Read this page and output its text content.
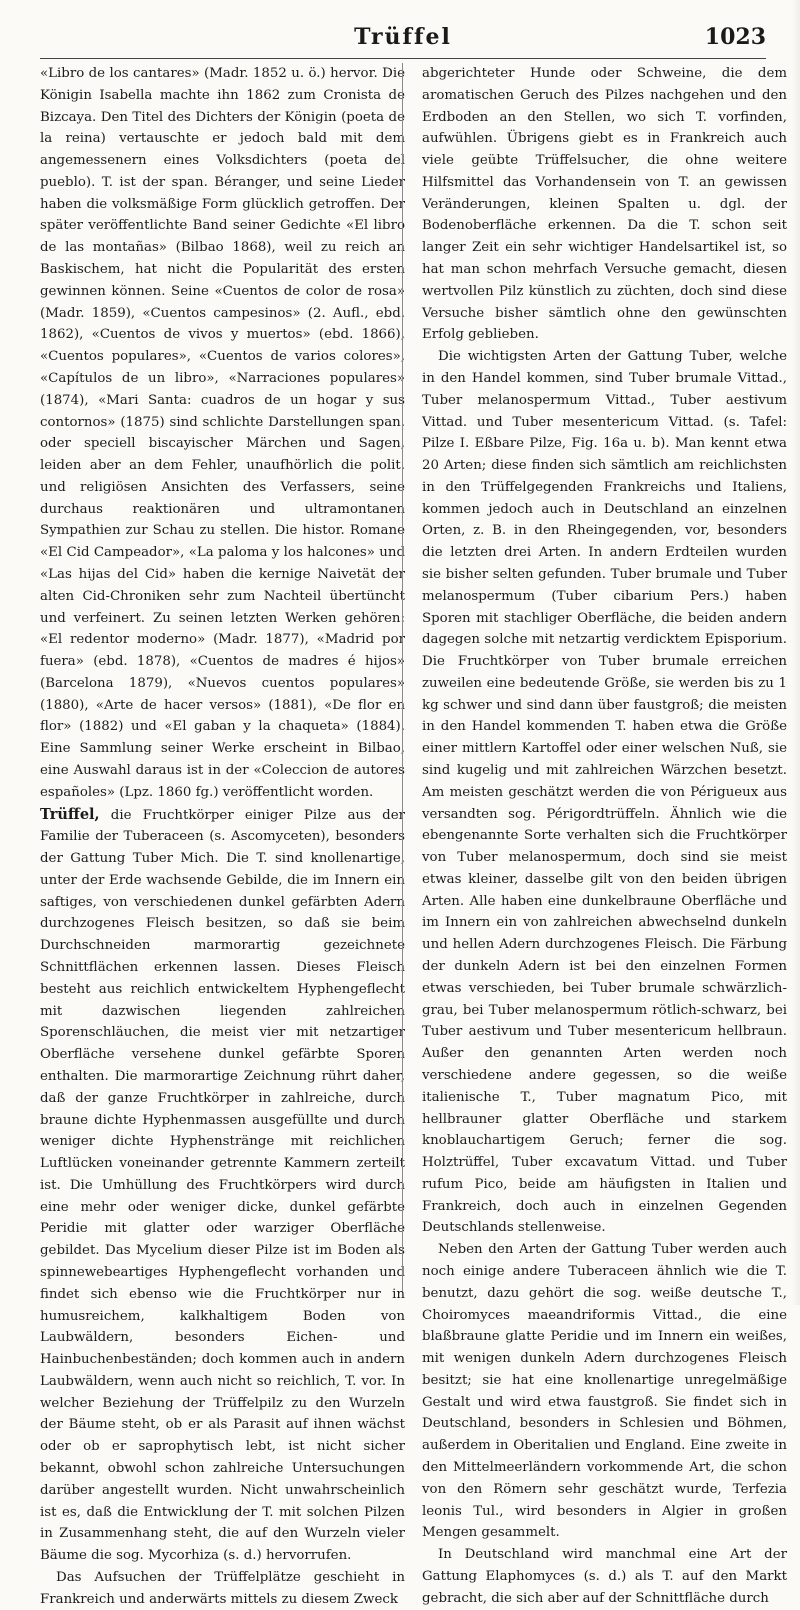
Trüffel	1023

«Libro de los cantares» (Madr. 1852 u. ö.) hervor. Die Königin Isabella machte ihn 1862 zum Cronista de Bizcaya. Den Titel des Dichters der Königin (poeta de la reina) vertauschte er jedoch bald mit dem angemessenern eines Volksdichters (poeta del pueblo). T. ist der span. Béranger, und seine Lieder haben die volksmäßige Form glücklich getroffen. Der später veröffentlichte Band seiner Gedichte «El libro de las montañas» (Bilbao 1868), weil zu reich an Baskischem, hat nicht die Popularität des ersten gewinnen können. Seine «Cuentos de color de rosa» (Madr. 1859), «Cuentos campesinos» (2. Aufl., ebd. 1862), «Cuentos de vivos y muertos» (ebd. 1866), «Cuentos populares», «Cuentos de varios colores», «Capítulos de un libro», «Narraciones populares» (1874), «Mari Santa: cuadros de un hogar y sus contornos» (1875) sind schlichte Darstellungen span. oder speciell biscayischer Märchen und Sagen, leiden aber an dem Fehler, unaufhörlich die polit. und religiösen Ansichten des Verfassers, seine durchaus reaktionären und ultramontanen Sympathien zur Schau zu stellen. Die histor. Romane «El Cid Campeador», «La paloma y los halcones» und «Las hijas del Cid» haben die kernige Naivetät der alten Cid-Chroniken sehr zum Nachteil übertüncht und verfeinert. Zu seinen letzten Werken gehören: «El redentor moderno» (Madr. 1877), «Madrid por fuera» (ebd. 1878), «Cuentos de madres é hijos» (Barcelona 1879), «Nuevos cuentos populares» (1880), «Arte de hacer versos» (1881), «De flor en flor» (1882) und «El gaban y la chaqueta» (1884). Eine Sammlung seiner Werke erscheint in Bilbao, eine Auswahl daraus ist in der «Coleccion de autores españoles» (Lpz. 1860 fg.) veröffentlicht worden.

Trüffel, die Fruchtkörper einiger Pilze aus der Familie der Tuberaceen (s. Ascomyceten), besonders der Gattung Tuber Mich. Die T. sind knollenartige, unter der Erde wachsende Gebilde, die im Innern ein saftiges, von verschiedenen dunkel gefärbten Adern durchzogenes Fleisch besitzen, so daß sie beim Durchschneiden marmorartig gezeichnete Schnittflächen erkennen lassen. Dieses Fleisch besteht aus reichlich entwickeltem Hyphengeflecht mit dazwischen liegenden zahlreichen Sporenschläuchen, die meist vier mit netzartiger Oberfläche versehene dunkel gefärbte Sporen enthalten. Die marmorartige Zeichnung rührt daher, daß der ganze Fruchtkörper in zahlreiche, durch braune dichte Hyphenmassen ausgefüllte und durch weniger dichte Hyphenstränge mit reichlichen Luftlücken voneinander getrennte Kammern zerteilt ist. Die Umhüllung des Fruchtkörpers wird durch eine mehr oder weniger dicke, dunkel gefärbte Peridie mit glatter oder warziger Oberfläche gebildet. Das Mycelium dieser Pilze ist im Boden als spinnewebeartiges Hyphengeflecht vorhanden und findet sich ebenso wie die Fruchtkörper nur in humusreichem, kalkhaltigem Boden von Laubwäldern, besonders Eichen- und Hainbuchenbeständen; doch kommen auch in andern Laubwäldern, wenn auch nicht so reichlich, T. vor. In welcher Beziehung der Trüffelpilz zu den Wurzeln der Bäume steht, ob er als Parasit auf ihnen wächst oder ob er saprophytisch lebt, ist nicht sicher bekannt, obwohl schon zahlreiche Untersuchungen darüber angestellt wurden. Nicht unwahrscheinlich ist es, daß die Entwicklung der T. mit solchen Pilzen in Zusammenhang steht, die auf den Wurzeln vieler Bäume die sog. Mycorhiza (s. d.) hervorrufen.

Das Aufsuchen der Trüffelplätze geschieht in Frankreich und anderwärts mittels zu diesem Zweck

abgerichteter Hunde oder Schweine, die dem aromatischen Geruch des Pilzes nachgehen und den Erdboden an den Stellen, wo sich T. vorfinden, aufwühlen. Übrigens giebt es in Frankreich auch viele geübte Trüffelsucher, die ohne weitere Hilfsmittel das Vorhandensein von T. an gewissen Veränderungen, kleinen Spalten u. dgl. der Bodenoberfläche erkennen. Da die T. schon seit langer Zeit ein sehr wichtiger Handelsartikel ist, so hat man schon mehrfach Versuche gemacht, diesen wertvollen Pilz künstlich zu züchten, doch sind diese Versuche bisher sämtlich ohne den gewünschten Erfolg geblieben.

Die wichtigsten Arten der Gattung Tuber, welche in den Handel kommen, sind Tuber brumale Vittad., Tuber melanospermum Vittad., Tuber aestivum Vittad. und Tuber mesentericum Vittad. (s. Tafel: Pilze I. Eßbare Pilze, Fig. 16a u. b). Man kennt etwa 20 Arten; diese finden sich sämtlich am reichlichsten in den Trüffelgegenden Frankreichs und Italiens, kommen jedoch auch in Deutschland an einzelnen Orten, z. B. in den Rheingegenden, vor, besonders die letzten drei Arten. In andern Erdteilen wurden sie bisher selten gefunden. Tuber brumale und Tuber melanospermum (Tuber cibarium Pers.) haben Sporen mit stachliger Oberfläche, die beiden andern dagegen solche mit netzartig verdicktem Episporium. Die Fruchtkörper von Tuber brumale erreichen zuweilen eine bedeutende Größe, sie werden bis zu 1 kg schwer und sind dann über faustgroß; die meisten in den Handel kommenden T. haben etwa die Größe einer mittlern Kartoffel oder einer welschen Nuß, sie sind kugelig und mit zahlreichen Wärzchen besetzt. Am meisten geschätzt werden die von Périgueux aus versandten sog. Périgordtrüffeln. Ähnlich wie die ebengenannte Sorte verhalten sich die Fruchtkörper von Tuber melanospermum, doch sind sie meist etwas kleiner, dasselbe gilt von den beiden übrigen Arten. Alle haben eine dunkelbraune Oberfläche und im Innern ein von zahlreichen abwechselnd dunkeln und hellen Adern durchzogenes Fleisch. Die Färbung der dunkeln Adern ist bei den einzelnen Formen etwas verschieden, bei Tuber brumale schwärzlich-grau, bei Tuber melanospermum rötlich-schwarz, bei Tuber aestivum und Tuber mesentericum hellbraun. Außer den genannten Arten werden noch verschiedene andere gegessen, so die weiße italienische T., Tuber magnatum Pico, mit hellbrauner glatter Oberfläche und starkem knoblauchartigem Geruch; ferner die sog. Holztrüffel, Tuber excavatum Vittad. und Tuber rufum Pico, beide am häufigsten in Italien und Frankreich, doch auch in einzelnen Gegenden Deutschlands stellenweise.

Neben den Arten der Gattung Tuber werden auch noch einige andere Tuberaceen ähnlich wie die T. benutzt, dazu gehört die sog. weiße deutsche T., Choiromyces maeandriformis Vittad., die eine blaßbraune glatte Peridie und im Innern ein weißes, mit wenigen dunkeln Adern durchzogenes Fleisch besitzt; sie hat eine knollenartige unregelmäßige Gestalt und wird etwa faustgroß. Sie findet sich in Deutschland, besonders in Schlesien und Böhmen, außerdem in Oberitalien und England. Eine zweite in den Mittelmeerländern vorkommende Art, die schon von den Römern sehr geschätzt wurde, Terfezia leonis Tul., wird besonders in Algier in großen Mengen gesammelt.

In Deutschland wird manchmal eine Art der Gattung Elaphomyces (s. d.) als T. auf den Markt gebracht, die sich aber auf der Schnittfläche durch
